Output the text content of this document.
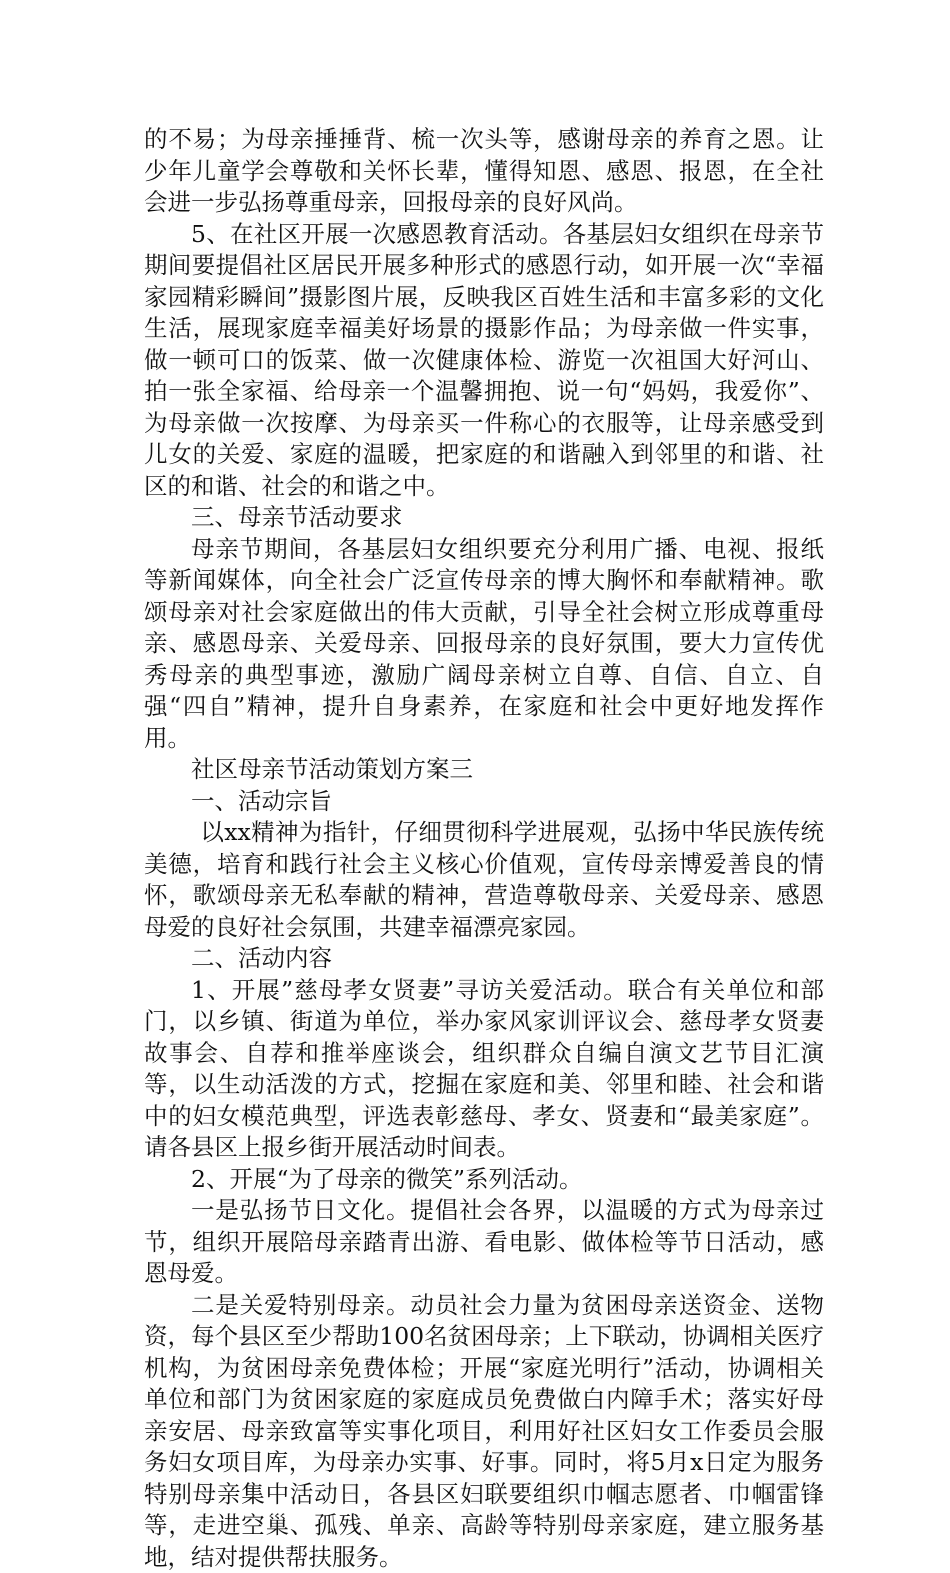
的不易；为母亲捶捶背、梳一次头等，感谢母亲的养育之恩。让少年儿童学会尊敬和关怀长辈，懂得知恩、感恩、报恩，在全社会进一步弘扬尊重母亲，回报母亲的良好风尚。

5、在社区开展一次感恩教育活动。各基层妇女组织在母亲节期间要提倡社区居民开展多种形式的感恩行动，如开展一次“幸福家园精彩瞬间”摄影图片展，反映我区百姓生活和丰富多彩的文化生活，展现家庭幸福美好场景的摄影作品；为母亲做一件实事，做一顿可口的饭菜、做一次健康体检、游览一次祖国大好河山、拍一张全家福、给母亲一个温馨拥抱、说一句“妈妈，我爱你”、为母亲做一次按摩、为母亲买一件称心的衣服等，让母亲感受到儿女的关爱、家庭的温暖，把家庭的和谐融入到邻里的和谐、社区的和谐、社会的和谐之中。

三、母亲节活动要求

母亲节期间，各基层妇女组织要充分利用广播、电视、报纸等新闻媒体，向全社会广泛宣传母亲的博大胸怀和奉献精神。歌颂母亲对社会家庭做出的伟大贡献，引导全社会树立形成尊重母亲、感恩母亲、关爱母亲、回报母亲的良好氛围，要大力宣传优秀母亲的典型事迹，激励广阔母亲树立自尊、自信、自立、自强“四自”精神，提升自身素养，在家庭和社会中更好地发挥作用。

社区母亲节活动策划方案三

一、活动宗旨

以xx精神为指针，仔细贯彻科学进展观，弘扬中华民族传统美德，培育和践行社会主义核心价值观，宣传母亲博爱善良的情怀，歌颂母亲无私奉献的精神，营造尊敬母亲、关爱母亲、感恩母爱的良好社会氛围，共建幸福漂亮家园。

二、活动内容

1、开展”慈母孝女贤妻”寻访关爱活动。联合有关单位和部门，以乡镇、街道为单位，举办家风家训评议会、慈母孝女贤妻故事会、自荐和推举座谈会，组织群众自编自演文艺节目汇演等，以生动活泼的方式，挖掘在家庭和美、邻里和睦、社会和谐中的妇女模范典型，评选表彰慈母、孝女、贤妻和“最美家庭”。请各县区上报乡街开展活动时间表。

2、开展“为了母亲的微笑”系列活动。

一是弘扬节日文化。提倡社会各界，以温暖的方式为母亲过节，组织开展陪母亲踏青出游、看电影、做体检等节日活动，感恩母爱。

二是关爱特别母亲。动员社会力量为贫困母亲送资金、送物资，每个县区至少帮助100名贫困母亲；上下联动，协调相关医疗机构，为贫困母亲免费体检；开展“家庭光明行”活动，协调相关单位和部门为贫困家庭的家庭成员免费做白内障手术；落实好母亲安居、母亲致富等实事化项目，利用好社区妇女工作委员会服务妇女项目库，为母亲办实事、好事。同时，将5月x日定为服务特别母亲集中活动日，各县区妇联要组织巾帼志愿者、巾帼雷锋等，走进空巢、孤残、单亲、高龄等特别母亲家庭，建立服务基地，结对提供帮扶服务。
